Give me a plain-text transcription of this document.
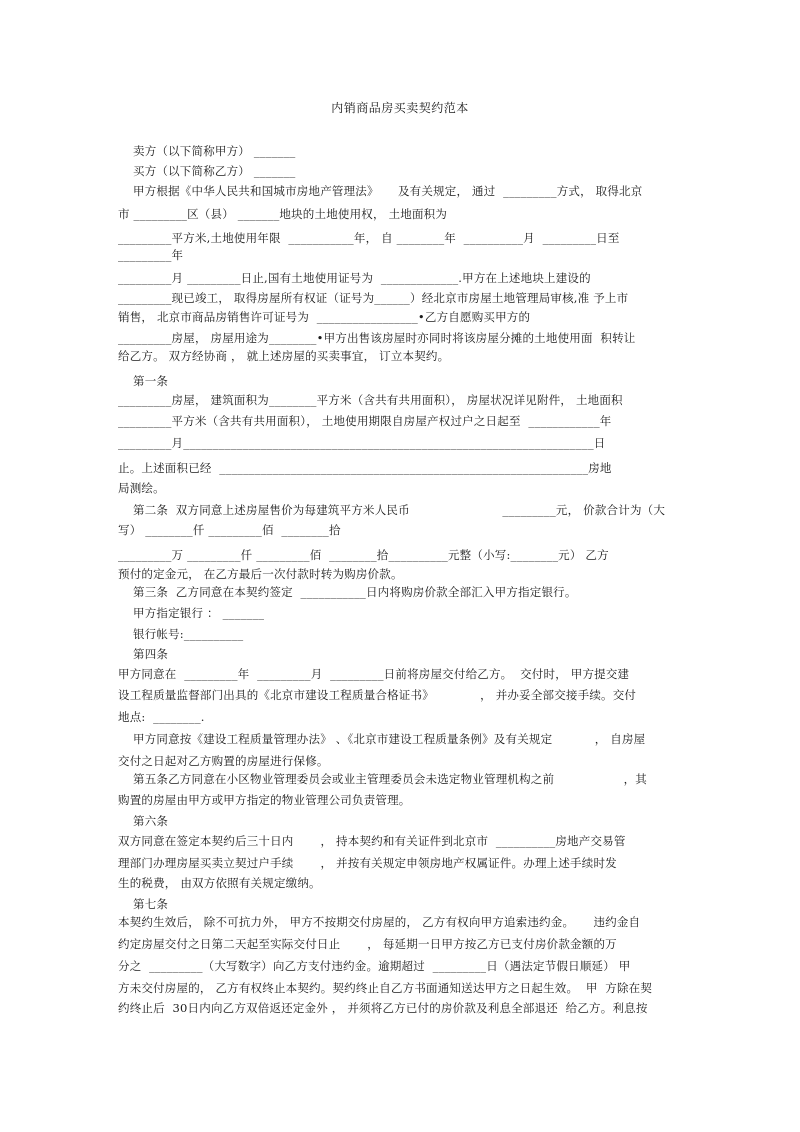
内销商品房买卖契约范本
卖方（以下简称甲方） _______
买方（以下简称乙方） _______
甲方根据《中华人民共和国城市房地产管理法》     及有关规定， 通过  _________方式， 取得北京
市 _________区（县） _______地块的土地使用权， 土地面积为
_________平方米,土地使用年限  ___________年， 自 ________年  __________月  _________日至
_________年
_________月 _________日止,国有土地使用证号为  _____________.甲方在上述地块上建设的
_________现已竣工， 取得房屋所有权证（证号为______）经北京市房屋土地管理局审核,准 予上市
销售， 北京市商品房销售许可证号为  _________________•乙方自愿购买甲方的
_________房屋， 房屋用途为________•甲方出售该房屋时亦同时将该房屋分摊的土地使用面  积转让
给乙方。 双方经协商 ， 就上述房屋的买卖事宜， 订立本契约。
第一条
_________房屋， 建筑面积为________平方米（含共有共用面积）， 房屋状况详见附件， 土地面积
_________平方米（含共有共用面积）， 土地使用期限自房屋产权过户之日起至  ____________年
_________月_____________________________________________________________________日
止。上述面积已经  ______________________________________________________________房地
局测绘。
第二条  双方同意上述房屋售价为每建筑平方米人民币                        _________元， 价款合计为（大
写） ________仟 _________佰  ________拾
_________万 _________仟 _________佰  ________拾__________元整（小写:________元） 乙方
预付的定金元， 在乙方最后一次付款时转为购房价款。
第三条  乙方同意在本契约签定  ___________日内将购房价款全部汇入甲方指定银行。
甲方指定银行 ： _______
银行帐号:__________
第四条
甲方同意在  _________年  _________月  _________日前将房屋交付给乙方。  交付时， 甲方提交建
设工程质量监督部门出具的《北京市建设工程质量合格证书》            ， 并办妥全部交接手续。交付
地点:  ________.
甲方同意按《建设工程质量管理办法》 、《北京市建设工程质量条例》及有关规定           ， 自房屋
交付之日起对乙方购置的房屋进行保修。
第五条乙方同意在小区物业管理委员会或业主管理委员会未选定物业管理机构之前                  ，其
购置的房屋由甲方或甲方指定的物业管理公司负责管理。
第六条
双方同意在签定本契约后三十日内       ， 持本契约和有关证件到北京市  __________房地产交易管
理部门办理房屋买卖立契过户手续       ， 并按有关规定申领房地产权属证件。办理上述手续时发
生的税费， 由双方依照有关规定缴纳。
第七条
本契约生效后， 除不可抗力外， 甲方不按期交付房屋的， 乙方有权向甲方追索违约金。     违约金自
约定房屋交付之日第二天起至实际交付日止       ， 每延期一日甲方按乙方已支付房价款金额的万
分之  _________（大写数字）向乙方支付违约金。逾期超过  _________日（遇法定节假日顺延） 甲
方未交付房屋的， 乙方有权终止本契约。契约终止自乙方书面通知送达甲方之日起生效。  甲  方除在契
约终止后  30日内向乙方双倍返还定金外 ， 并须将乙方已付的房价款及利息全部退还  给乙方。利息按
